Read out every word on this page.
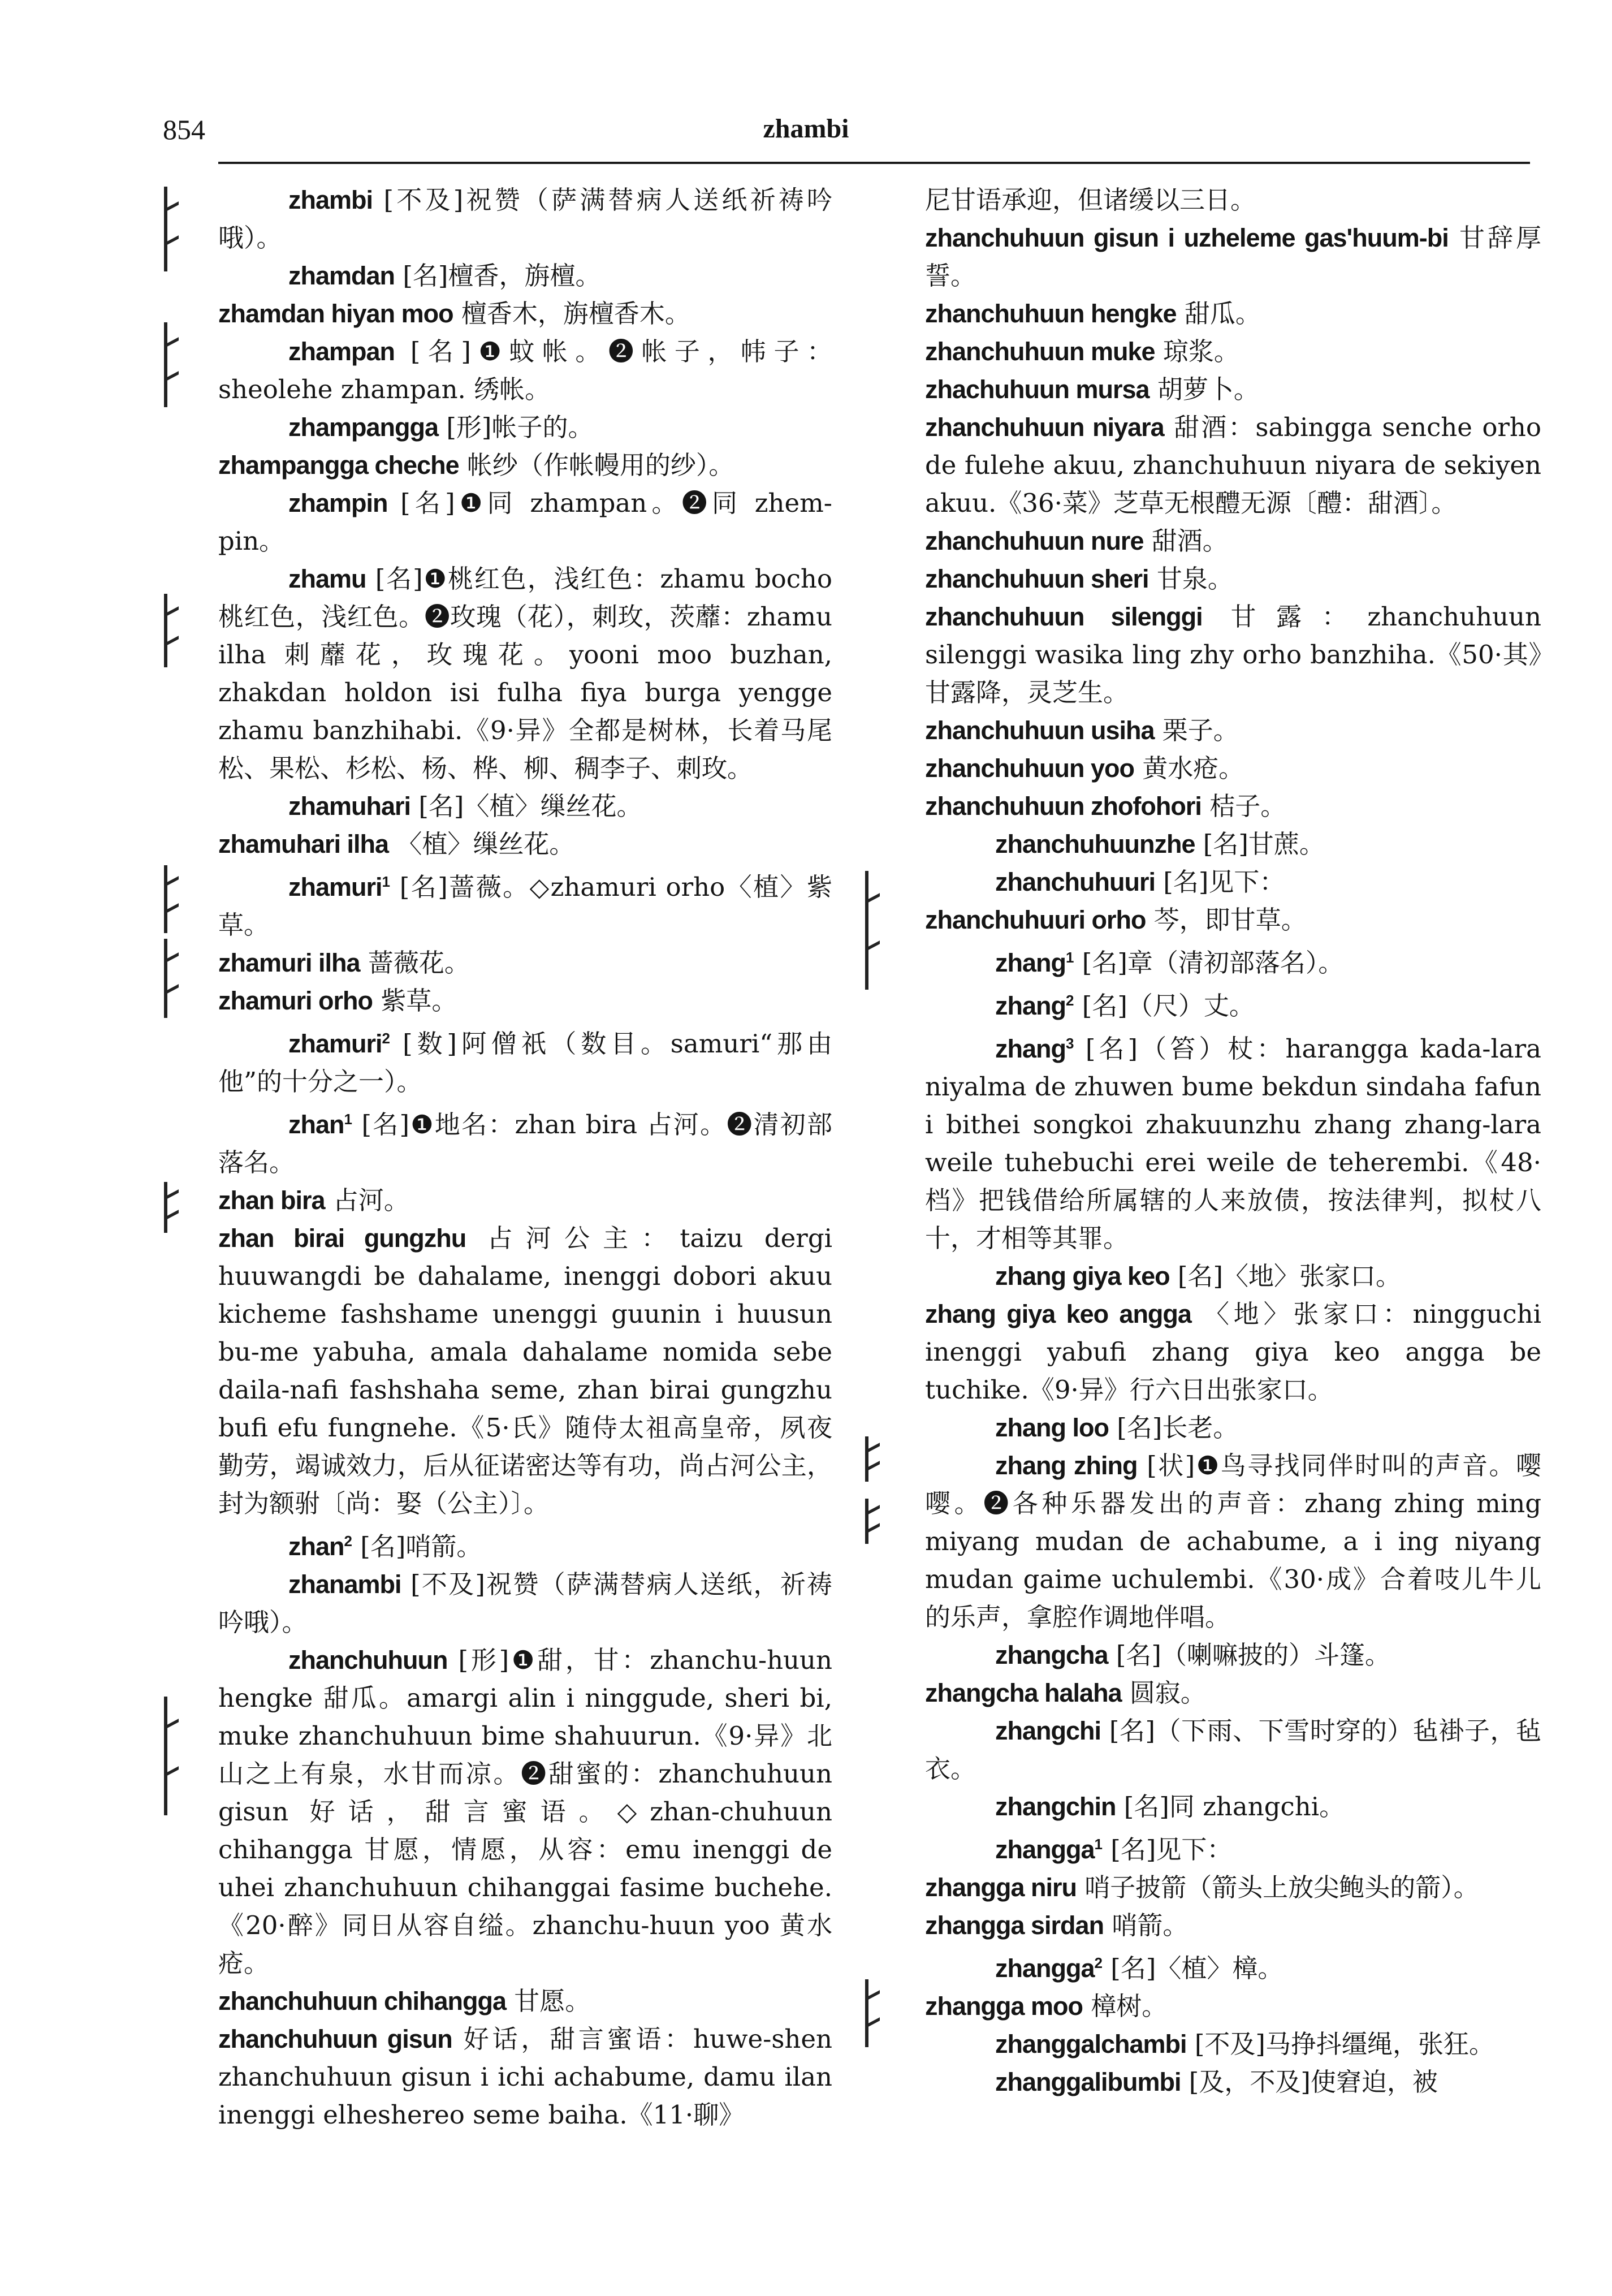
854	zhambi
zhambi [不及]祝赞（萨满替病人送纸祈祷吟哦）。
zhamdan [名]檀香，旃檀。
zhamdan hiyan moo 檀香木，旃檀香木。
zhampan [名]❶蚊帐。❷帐子，帏子：sheolehe zhampan. 绣帐。
zhampangga [形]帐子的。
zhampangga cheche 帐纱（作帐幔用的纱）。
zhampin [名]❶同 zhampan。❷同 zhem-pin。
zhamu [名]❶桃红色，浅红色：zhamu bocho 桃红色，浅红色。❷玫瑰（花），刺玫，茨蘼：zhamu ilha 刺蘼花，玫瑰花。yooni moo buzhan, zhakdan holdon isi fulha fiya burga yengge zhamu banzhihabi.《9·异》全都是树林，长着马尾松、果松、杉松、杨、桦、柳、稠李子、刺玫。
zhamuhari [名]〈植〉缫丝花。
zhamuhari ilha 〈植〉缫丝花。
zhamuri$^1$ [名]蔷薇。◇zhamuri orho〈植〉紫草。
zhamuri ilha 蔷薇花。
zhamuri orho 紫草。
zhamuri$^2$ [数]阿僧祇（数目。samuri“那由他”的十分之一）。
zhan$^1$ [名]❶地名：zhan bira 占河。❷清初部落名。
zhan bira 占河。
zhan birai gungzhu 占河公主：taizu dergi huuwangdi be dahalame, inenggi dobori akuu kicheme fashshame unenggi guunin i huusun bu-me yabuha, amala dahalame nomida sebe daila-nafi fashshaha seme, zhan birai gungzhu bufi efu fungnehe.《5·氏》随侍太祖高皇帝，夙夜勤劳，竭诚效力，后从征诺密达等有功，尚占河公主，封为额驸〔尚：娶（公主）〕。
zhan$^2$ [名]哨箭。
zhanambi [不及]祝赞（萨满替病人送纸，祈祷吟哦）。
zhanchuhuun [形]❶甜，甘：zhanchu-huun hengke 甜瓜。amargi alin i ninggude, sheri bi, muke zhanchuhuun bime shahuurun.《9·异》北山之上有泉，水甘而凉。❷甜蜜的：zhanchuhuun gisun 好话，甜言蜜语。◇zhan-chuhuun chihangga 甘愿，情愿，从容：emu inenggi de uhei zhanchuhuun chihanggai fasime buchehe.《20·醉》同日从容自缢。zhanchu-huun yoo 黄水疮。
zhanchuhuun chihangga 甘愿。
zhanchuhuun gisun 好话，甜言蜜语：huwe-shen zhanchuhuun gisun i ichi achabume, damu ilan inenggi elheshereo seme baiha.《11·聊》
尼甘语承迎，但诸缓以三日。
zhanchuhuun gisun i uzheleme gas'huum-bi 甘辞厚誓。
zhanchuhuun hengke 甜瓜。
zhanchuhuun muke 琼浆。
zhachuhuun mursa 胡萝卜。
zhanchuhuun niyara 甜酒：sabingga senche orho de fulehe akuu, zhanchuhuun niyara de sekiyen akuu.《36·菜》芝草无根醴无源〔醴：甜酒〕。
zhanchuhuun nure 甜酒。
zhanchuhuun sheri 甘泉。
zhanchuhuun silenggi 甘露：zhanchuhuun silenggi wasika ling zhy orho banzhiha.《50·其》甘露降，灵芝生。
zhanchuhuun usiha 栗子。
zhanchuhuun yoo 黄水疮。
zhanchuhuun zhofohori 桔子。
zhanchuhuunzhe [名]甘蔗。
zhanchuhuuri [名]见下：
zhanchuhuuri orho 芩，即甘草。
zhang$^1$ [名]章（清初部落名）。
zhang$^2$ [名]（尺）丈。
zhang$^3$ [名]（笞）杖：harangga kada-lara niyalma de zhuwen bume bekdun sindaha fafun i bithei songkoi zhakuunzhu zhang zhang-lara weile tuhebuchi erei weile de teherembi.《48·档》把钱借给所属辖的人来放债，按法律判，拟杖八十，才相等其罪。
zhang giya keo [名]〈地〉张家口。
zhang giya keo angga 〈地〉张家口：ningguchi inenggi yabufi zhang giya keo angga be tuchike.《9·异》行六日出张家口。
zhang loo [名]长老。
zhang zhing [状]❶鸟寻找同伴时叫的声音。嘤嘤。❷各种乐器发出的声音：zhang zhing ming miyang mudan de achabume, a i ing niyang mudan gaime uchulembi.《30·成》合着吱儿牛儿的乐声，拿腔作调地伴唱。
zhangcha [名]（喇嘛披的）斗篷。
zhangcha halaha 圆寂。
zhangchi [名]（下雨、下雪时穿的）毡褂子，毡衣。
zhangchin [名]同 zhangchi。
zhangga$^1$ [名]见下：
zhangga niru 哨子披箭（箭头上放尖鲍头的箭）。
zhangga sirdan 哨箭。
zhangga$^2$ [名]〈植〉樟。
zhangga moo 樟树。
zhanggalchambi [不及]马挣抖缰绳，张狂。
zhanggalibumbi [及，不及]使窘迫，被
